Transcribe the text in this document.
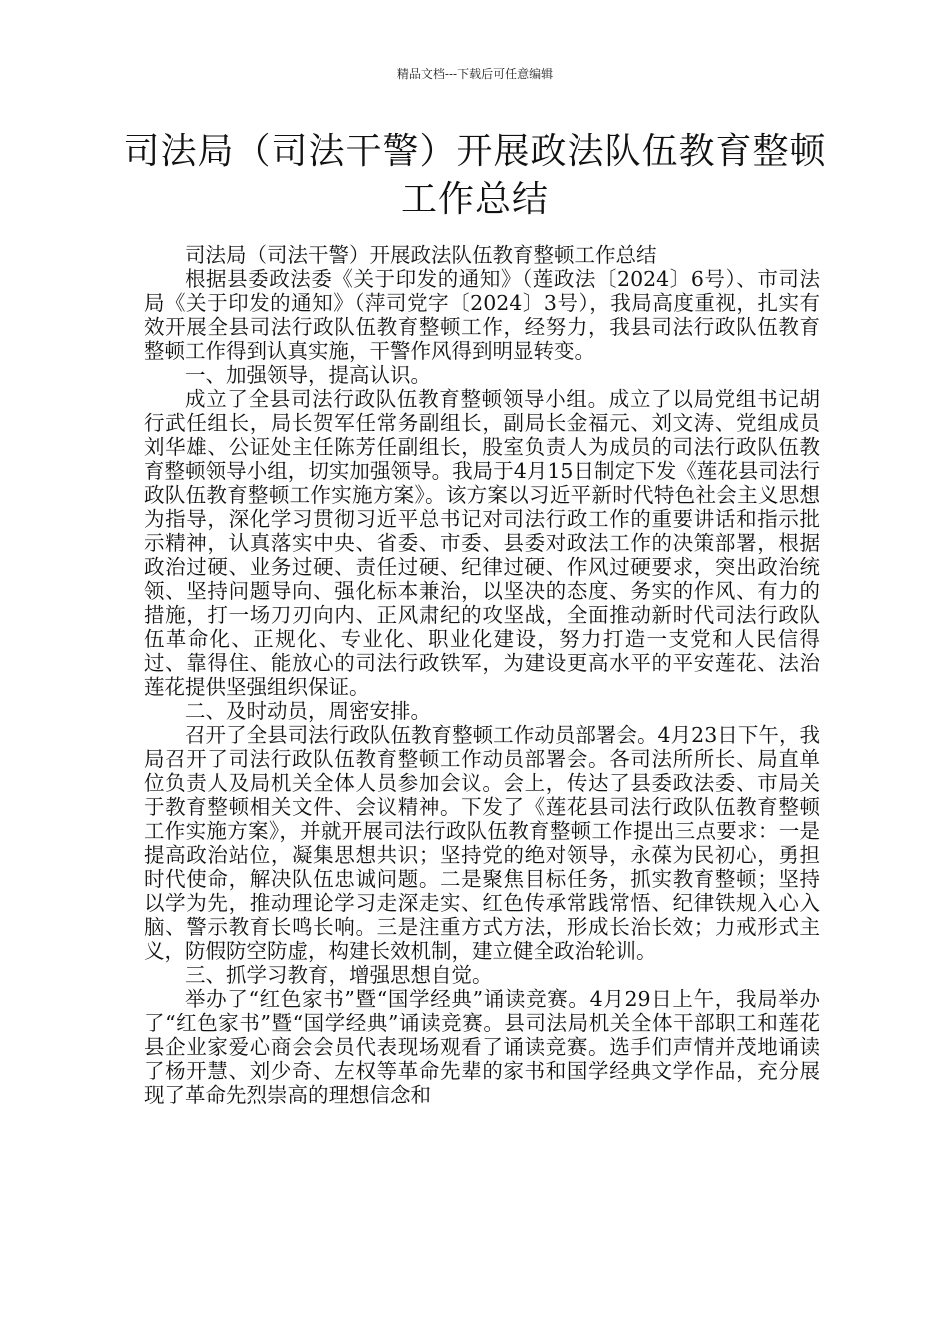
精品文档---下载后可任意编辑
司法局（司法干警）开展政法队伍教育整顿工作总结

司法局（司法干警）开展政法队伍教育整顿工作总结

根据县委政法委《关于印发的通知》（莲政法〔2024〕6号）、市司法局《关于印发的通知》（萍司党字〔2024〕3号），我局高度重视，扎实有效开展全县司法行政队伍教育整顿工作，经努力，我县司法行政队伍教育整顿工作得到认真实施，干警作风得到明显转变。

一、加强领导，提高认识。

成立了全县司法行政队伍教育整顿领导小组。成立了以局党组书记胡行武任组长，局长贺军任常务副组长，副局长金福元、刘文涛、党组成员刘华雄、公证处主任陈芳任副组长，股室负责人为成员的司法行政队伍教育整顿领导小组，切实加强领导。我局于4月15日制定下发《莲花县司法行政队伍教育整顿工作实施方案》。该方案以习近平新时代特色社会主义思想为指导，深化学习贯彻习近平总书记对司法行政工作的重要讲话和指示批示精神，认真落实中央、省委、市委、县委对政法工作的决策部署，根据政治过硬、业务过硬、责任过硬、纪律过硬、作风过硬要求，突出政治统领、坚持问题导向、强化标本兼治，以坚决的态度、务实的作风、有力的措施，打一场刀刃向内、正风肃纪的攻坚战，全面推动新时代司法行政队伍革命化、正规化、专业化、职业化建设，努力打造一支党和人民信得过、靠得住、能放心的司法行政铁军，为建设更高水平的平安莲花、法治莲花提供坚强组织保证。

二、及时动员，周密安排。

召开了全县司法行政队伍教育整顿工作动员部署会。4月23日下午，我局召开了司法行政队伍教育整顿工作动员部署会。各司法所所长、局直单位负责人及局机关全体人员参加会议。会上，传达了县委政法委、市局关于教育整顿相关文件、会议精神。下发了《莲花县司法行政队伍教育整顿工作实施方案》，并就开展司法行政队伍教育整顿工作提出三点要求：一是提高政治站位，凝集思想共识；坚持党的绝对领导，永葆为民初心，勇担时代使命，解决队伍忠诚问题。二是聚焦目标任务，抓实教育整顿；坚持以学为先，推动理论学习走深走实、红色传承常践常悟、纪律铁规入心入脑、警示教育长鸣长响。三是注重方式方法，形成长治长效；力戒形式主义，防假防空防虚，构建长效机制，建立健全政治轮训。

三、抓学习教育，增强思想自觉。

举办了“红色家书”暨“国学经典”诵读竞赛。4月29日上午，我局举办了“红色家书”暨“国学经典”诵读竞赛。县司法局机关全体干部职工和莲花县企业家爱心商会会员代表现场观看了诵读竞赛。选手们声情并茂地诵读了杨开慧、刘少奇、左权等革命先辈的家书和国学经典文学作品，充分展现了革命先烈崇高的理想信念和
